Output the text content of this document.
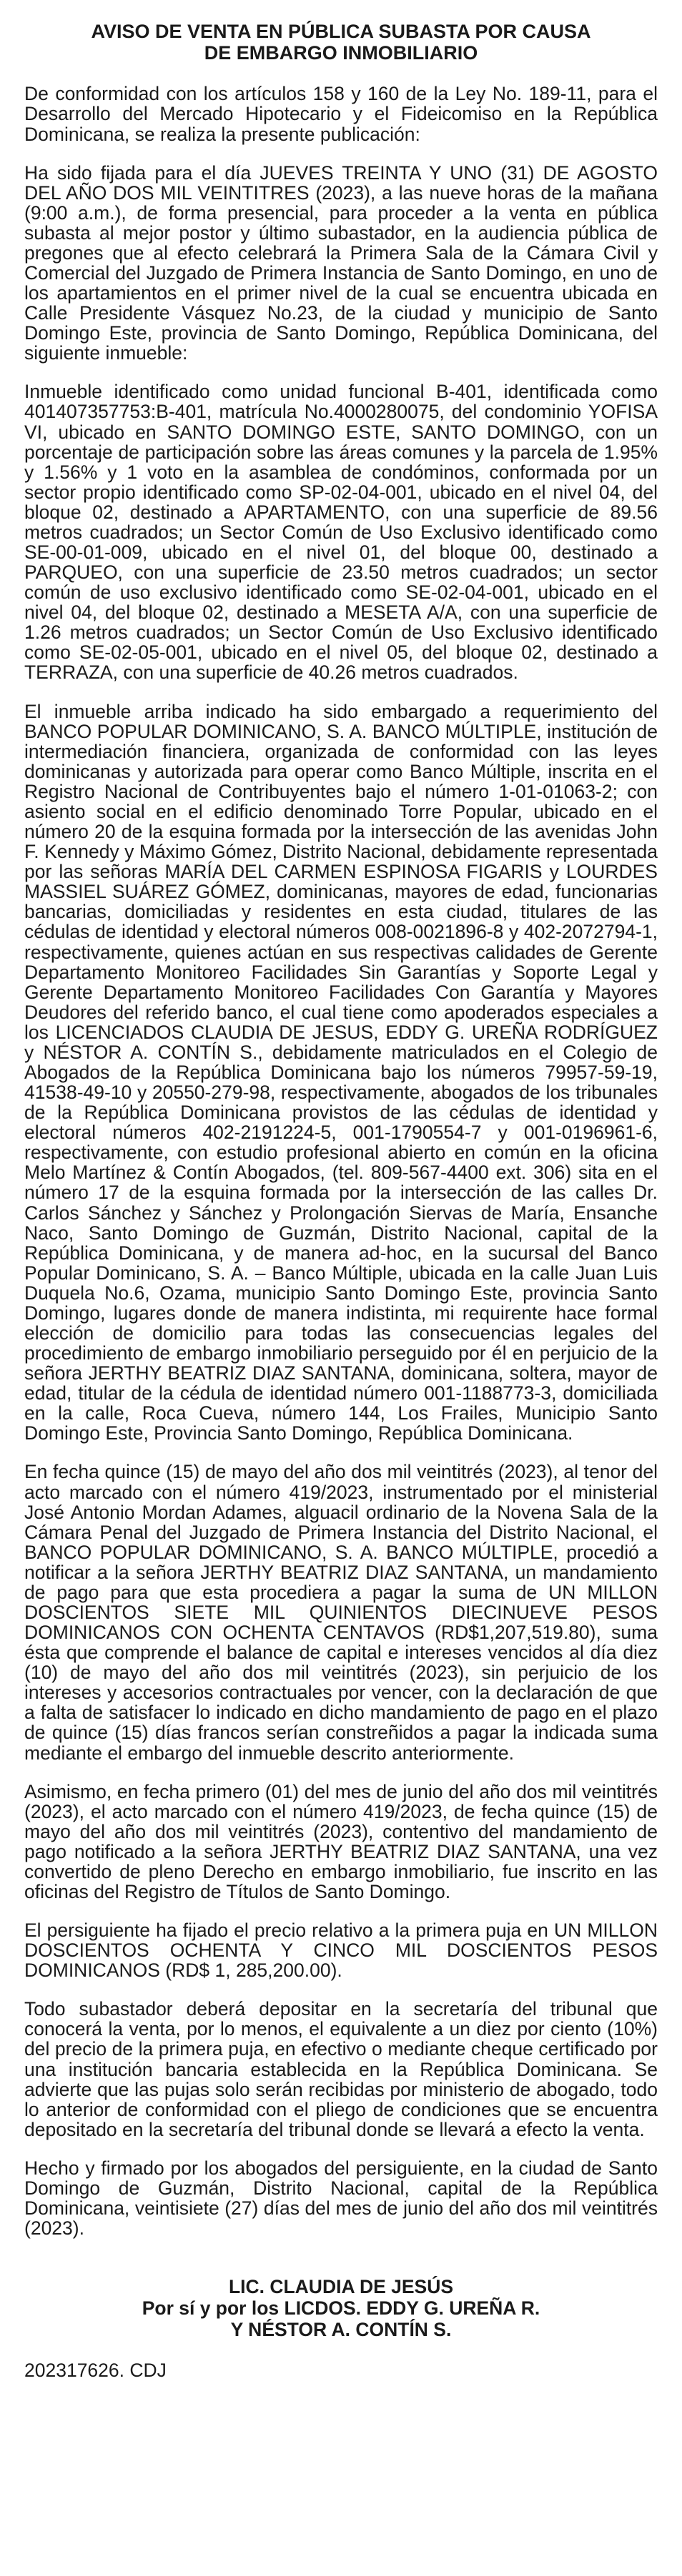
AVISO DE VENTA EN PÚBLICA SUBASTA POR CAUSA
DE EMBARGO INMOBILIARIO

De conformidad con los artículos 158 y 160 de la Ley No. 189-11, para el Desarrollo del Mercado Hipotecario y el Fideicomiso en la República Dominicana, se realiza la presente publicación:

Ha sido fijada para el día JUEVES TREINTA Y UNO (31) DE AGOSTO DEL AÑO DOS MIL VEINTITRES (2023), a las nueve horas de la mañana (9:00 a.m.), de forma presencial, para proceder a la venta en pública subasta al mejor postor y último subastador, en la audiencia pública de pregones que al efecto celebrará la Primera Sala de la Cámara Civil y Comercial del Juzgado de Primera Instancia de Santo Domingo, en uno de los apartamientos en el primer nivel de la cual se encuentra ubicada en Calle Presidente Vásquez No.23, de la ciudad y municipio de Santo Domingo Este, provincia de Santo Domingo, República Dominicana, del siguiente inmueble:

Inmueble identificado como unidad funcional B-401, identificada como 401407357753:B-401, matrícula No.4000280075, del condominio YOFISA VI, ubicado en SANTO DOMINGO ESTE, SANTO DOMINGO, con un porcentaje de participación sobre las áreas comunes y la parcela de 1.95% y 1.56% y 1 voto en la asamblea de condóminos, conformada por un sector propio identificado como SP-02-04-001, ubicado en el nivel 04, del bloque 02, destinado a APARTAMENTO, con una superficie de 89.56 metros cuadrados; un Sector Común de Uso Exclusivo identificado como SE-00-01-009, ubicado en el nivel 01, del bloque 00, destinado a PARQUEO, con una superficie de 23.50 metros cuadrados; un sector común de uso exclusivo identificado como SE-02-04-001, ubicado en el nivel 04, del bloque 02, destinado a MESETA A/A, con una superficie de 1.26 metros cuadrados; un Sector Común de Uso Exclusivo identificado como SE-02-05-001, ubicado en el nivel 05, del bloque 02, destinado a TERRAZA, con una superficie de 40.26 metros cuadrados.

El inmueble arriba indicado ha sido embargado a requerimiento del BANCO POPULAR DOMINICANO, S. A. BANCO MÚLTIPLE, institución de intermediación financiera, organizada de conformidad con las leyes dominicanas y autorizada para operar como Banco Múltiple, inscrita en el Registro Nacional de Contribuyentes bajo el número 1-01-01063-2; con asiento social en el edificio denominado Torre Popular, ubicado en el número 20 de la esquina formada por la intersección de las avenidas John F. Kennedy y Máximo Gómez, Distrito Nacional, debidamente representada por las señoras MARÍA DEL CARMEN ESPINOSA FIGARIS y LOURDES MASSIEL SUÁREZ GÓMEZ, dominicanas, mayores de edad, funcionarias bancarias, domiciliadas y residentes en esta ciudad, titulares de las cédulas de identidad y electoral números 008-0021896-8 y 402-2072794-1, respectivamente, quienes actúan en sus respectivas calidades de Gerente Departamento Monitoreo Facilidades Sin Garantías y Soporte Legal y Gerente Departamento Monitoreo Facilidades Con Garantía y Mayores Deudores del referido banco, el cual tiene como apoderados especiales a los LICENCIADOS CLAUDIA DE JESUS, EDDY G. UREÑA RODRÍGUEZ y NÉSTOR A. CONTÍN S., debidamente matriculados en el Colegio de Abogados de la República Dominicana bajo los números 79957-59-19, 41538-49-10 y 20550-279-98, respectivamente, abogados de los tribunales de la República Dominicana provistos de las cédulas de identidad y electoral números 402-2191224-5, 001-1790554-7 y 001-0196961-6, respectivamente, con estudio profesional abierto en común en la oficina Melo Martínez & Contín Abogados, (tel. 809-567-4400 ext. 306) sita en el número 17 de la esquina formada por la intersección de las calles Dr. Carlos Sánchez y Sánchez y Prolongación Siervas de María, Ensanche Naco, Santo Domingo de Guzmán, Distrito Nacional, capital de la República Dominicana, y de manera ad-hoc, en la sucursal del Banco Popular Dominicano, S. A. – Banco Múltiple, ubicada en la calle Juan Luis Duquela No.6, Ozama, municipio Santo Domingo Este, provincia Santo Domingo, lugares donde de manera indistinta, mi requirente hace formal elección de domicilio para todas las consecuencias legales del procedimiento de embargo inmobiliario perseguido por él en perjuicio de la señora JERTHY BEATRIZ DIAZ SANTANA, dominicana, soltera, mayor de edad, titular de la cédula de identidad número 001-1188773-3, domiciliada en la calle, Roca Cueva, número 144, Los Frailes, Municipio Santo Domingo Este, Provincia Santo Domingo, República Dominicana.

En fecha quince (15) de mayo del año dos mil veintitrés (2023), al tenor del acto marcado con el número 419/2023, instrumentado por el ministerial José Antonio Mordan Adames, alguacil ordinario de la Novena Sala de la Cámara Penal del Juzgado de Primera Instancia del Distrito Nacional, el BANCO POPULAR DOMINICANO, S. A. BANCO MÚLTIPLE, procedió a notificar a la señora JERTHY BEATRIZ DIAZ SANTANA, un mandamiento de pago para que esta procediera a pagar la suma de UN MILLON DOSCIENTOS SIETE MIL QUINIENTOS DIECINUEVE PESOS DOMINICANOS CON OCHENTA CENTAVOS (RD$1,207,519.80), suma ésta que comprende el balance de capital e intereses vencidos al día diez (10) de mayo del año dos mil veintitrés (2023), sin perjuicio de los intereses y accesorios contractuales por vencer, con la declaración de que a falta de satisfacer lo indicado en dicho mandamiento de pago en el plazo de quince (15) días francos serían constreñidos a pagar la indicada suma mediante el embargo del inmueble descrito anteriormente.

Asimismo, en fecha primero (01) del mes de junio del año dos mil veintitrés (2023), el acto marcado con el número 419/2023, de fecha quince (15) de mayo del año dos mil veintitrés (2023), contentivo del mandamiento de pago notificado a la señora JERTHY BEATRIZ DIAZ SANTANA, una vez convertido de pleno Derecho en embargo inmobiliario, fue inscrito en las oficinas del Registro de Títulos de Santo Domingo.

El persiguiente ha fijado el precio relativo a la primera puja en UN MILLON DOSCIENTOS OCHENTA Y CINCO MIL DOSCIENTOS PESOS DOMINICANOS (RD$ 1, 285,200.00).

Todo subastador deberá depositar en la secretaría del tribunal que conocerá la venta, por lo menos, el equivalente a un diez por ciento (10%) del precio de la primera puja, en efectivo o mediante cheque certificado por una institución bancaria establecida en la República Dominicana. Se advierte que las pujas solo serán recibidas por ministerio de abogado, todo lo anterior de conformidad con el pliego de condiciones que se encuentra depositado en la secretaría del tribunal donde se llevará a efecto la venta.

Hecho y firmado por los abogados del persiguiente, en la ciudad de Santo Domingo de Guzmán, Distrito Nacional, capital de la República Dominicana, veintisiete (27) días del mes de junio del año dos mil veintitrés (2023).

LIC. CLAUDIA DE JESÚS
Por sí y por los LICDOS. EDDY G. UREÑA R.
Y NÉSTOR A. CONTÍN S.

202317626. CDJ
